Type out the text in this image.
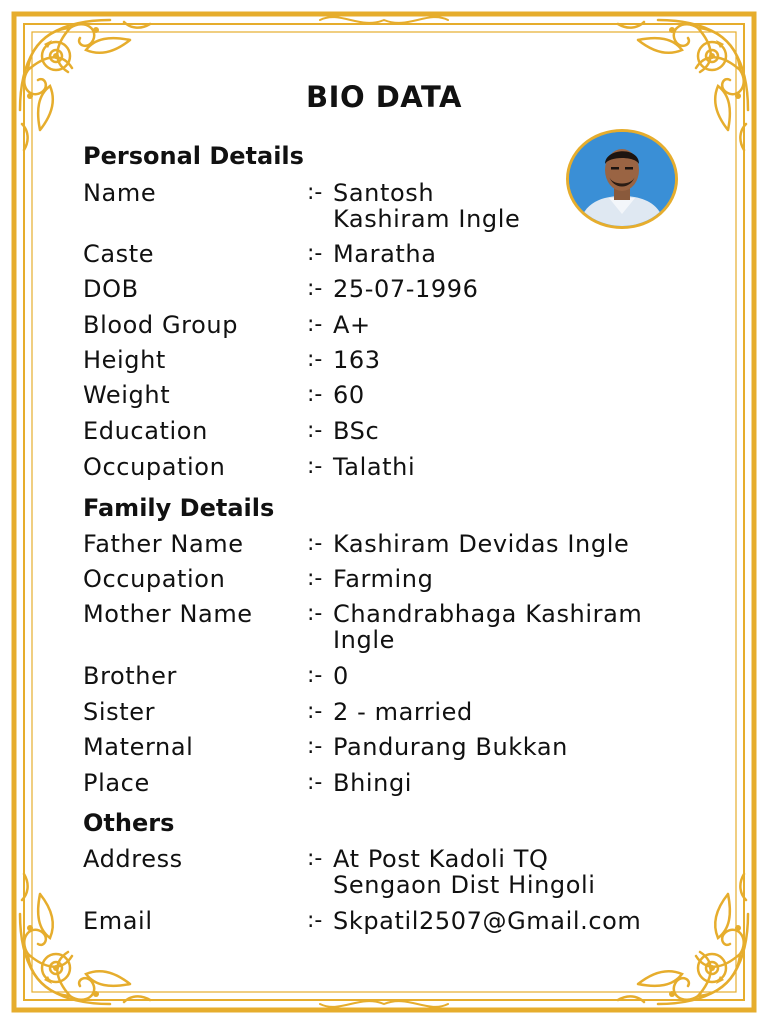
BIO DATA
Personal Details
Name	:- Santosh Kashiram Ingle
Caste	:- Maratha
DOB	:- 25-07-1996
Blood Group	:- A+
Height	:- 163
Weight	:- 60
Education	:- BSc
Occupation	:- Talathi
Family Details
Father Name	:- Kashiram Devidas Ingle
Occupation	:- Farming
Mother Name :- Chandrabhaga Kashiram Ingle
Brother	:- 0
Sister	:- 2 - married
Maternal	:- Pandurang Bukkan
Place	:- Bhingi
Others
Address	:- At Post Kadoli TQ Sengaon Dist Hingoli
Email	:- Skpatil2507@Gmail.com
